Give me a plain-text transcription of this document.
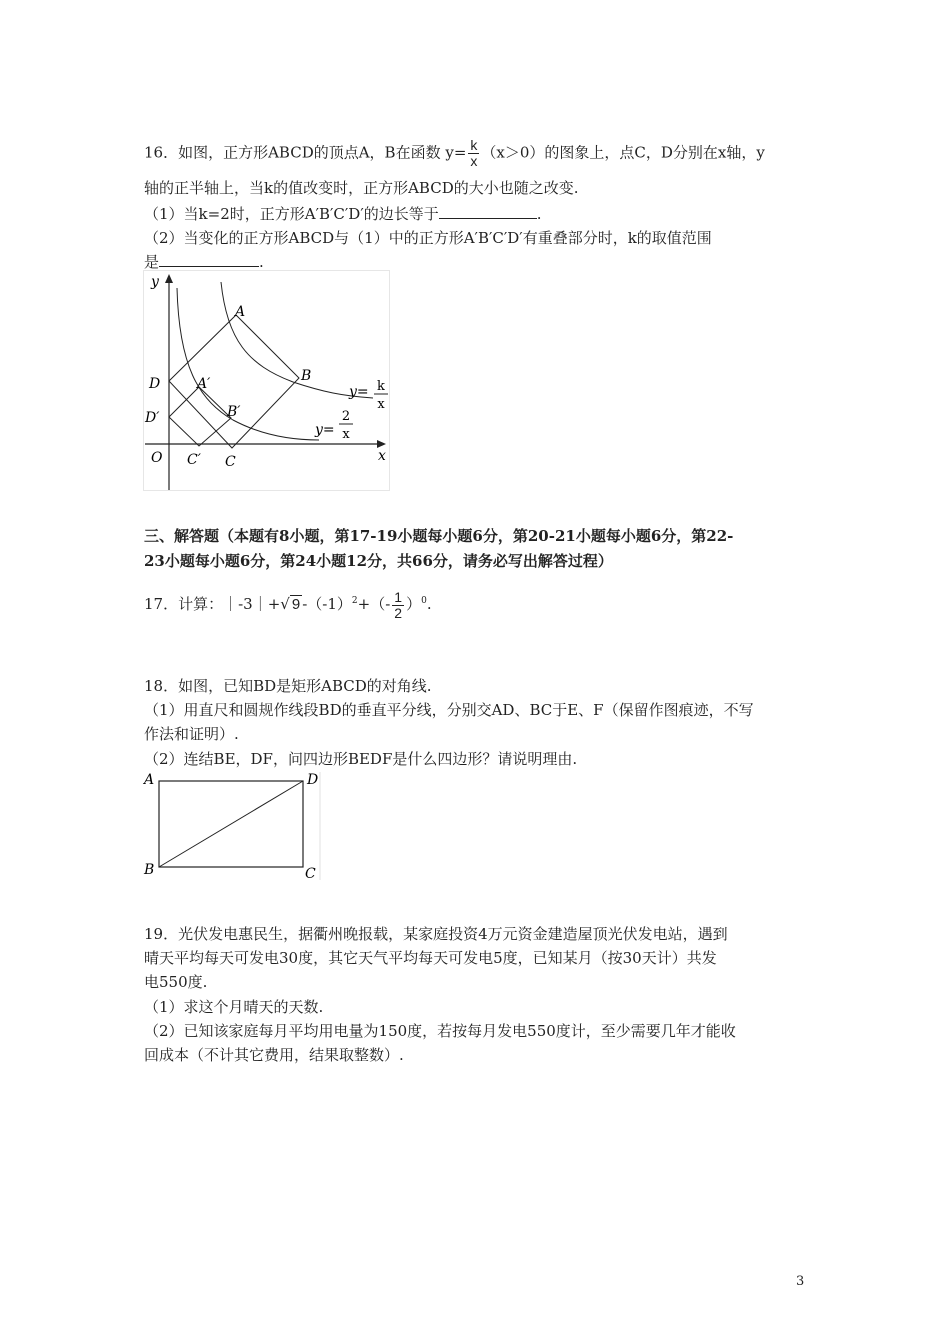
16．如图，正方形ABCD的顶点A，B在函数 $y= \frac{k}{x} (x>0)$的图象上，点C，D分别在x轴，y
轴的正半轴上，当k的值改变时，正方形ABCD的大小也随之改变.
（1）当k=2时，正方形A′B′C′D′的边长等于	.
（2）当变化的正方形ABCD与（1）中的正方形A′B′C′D′有重叠部分时，k的取值范围
是	.
y
x
O
A
B
C
D	A′
B′
C′
D′
y= k
x
y=
2
x
三、解答题（本题有8小题，第17-19小题每小题6分，第20-21小题每小题6分，第22-
23小题每小题6分，第24小题12分，共66分，请务必写出解答过程）
17．计算：｜-3｜+√ 9 $-(-1)^2+(- \frac{1}{2} )^0$.
18．如图，已知BD是矩形ABCD的对角线.
（1）用直尺和圆规作线段BD的垂直平分线，分别交AD、BC于E、F（保留作图痕迹，不写
作法和证明）.
（2）连结BE，DF，问四边形BEDF是什么四边形？请说明理由.
A	D
B	C
19．光伏发电惠民生，据衢州晚报载，某家庭投资4万元资金建造屋顶光伏发电站，遇到
晴天平均每天可发电30度，其它天气平均每天可发电5度，已知某月（按30天计）共发
电550度.
（1）求这个月晴天的天数.
（2）已知该家庭每月平均用电量为150度，若按每月发电550度计，至少需要几年才能收
回成本（不计其它费用，结果取整数）.
3
